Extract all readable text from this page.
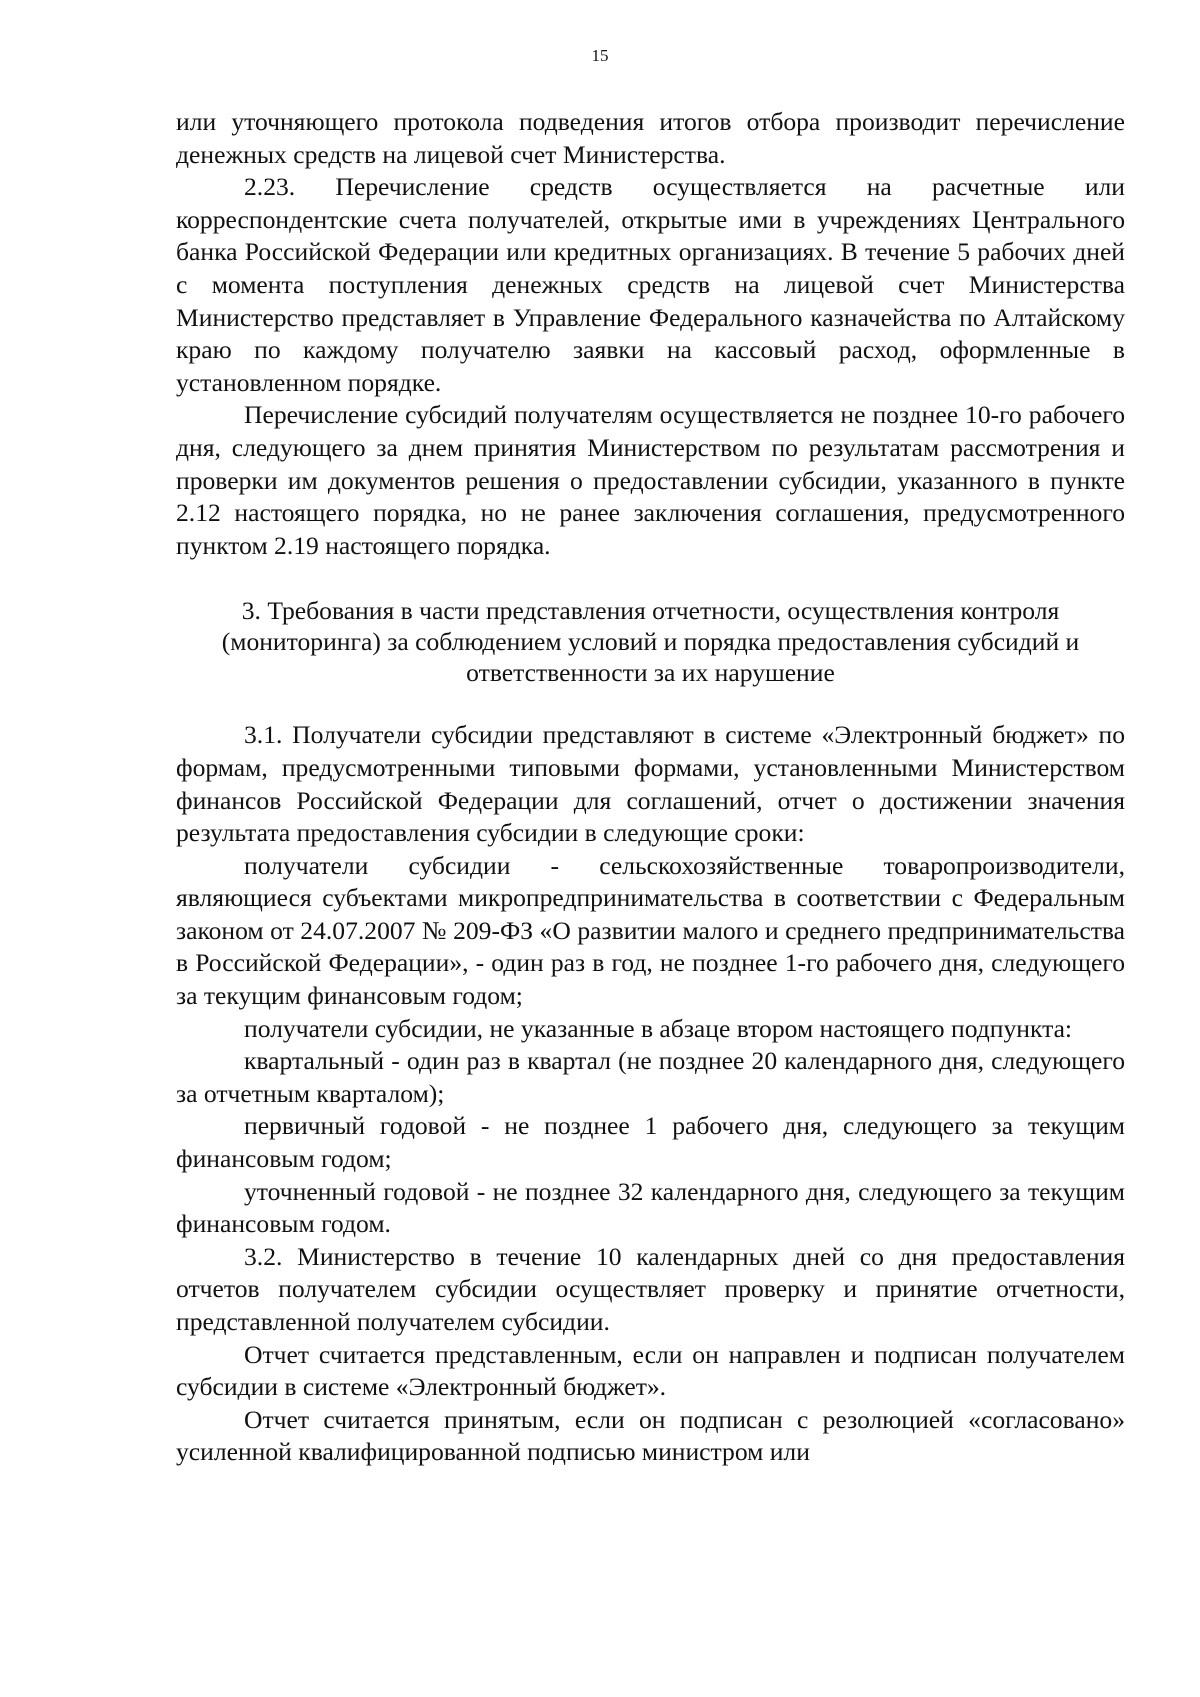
15

или уточняющего протокола подведения итогов отбора производит перечисление денежных средств на лицевой счет Министерства.

2.23. Перечисление средств осуществляется на расчетные или корреспондентские счета получателей, открытые ими в учреждениях Центрального банка Российской Федерации или кредитных организациях. В течение 5 рабочих дней с момента поступления денежных средств на лицевой счет Министерства Министерство представляет в Управление Федерального казначейства по Алтайскому краю по каждому получателю заявки на кассовый расход, оформленные в установленном порядке.

Перечисление субсидий получателям осуществляется не позднее 10-го рабочего дня, следующего за днем принятия Министерством по результатам рассмотрения и проверки им документов решения о предоставлении субсидии, указанного в пункте 2.12 настоящего порядка, но не ранее заключения соглашения, предусмотренного пунктом 2.19 настоящего порядка.

3. Требования в части представления отчетности, осуществления контроля (мониторинга) за соблюдением условий и порядка предоставления субсидий и ответственности за их нарушение

3.1. Получатели субсидии представляют в системе «Электронный бюджет» по формам, предусмотренными типовыми формами, установленными Министерством финансов Российской Федерации для соглашений, отчет о достижении значения результата предоставления субсидии в следующие сроки:

получатели субсидии - сельскохозяйственные товаропроизводители, являющиеся субъектами микропредпринимательства в соответствии с Федеральным законом от 24.07.2007 № 209-ФЗ «О развитии малого и среднего предпринимательства в Российской Федерации», - один раз в год, не позднее 1-го рабочего дня, следующего за текущим финансовым годом;

получатели субсидии, не указанные в абзаце втором настоящего подпункта:

квартальный - один раз в квартал (не позднее 20 календарного дня, следующего за отчетным кварталом);

первичный годовой - не позднее 1 рабочего дня, следующего за текущим финансовым годом;

уточненный годовой - не позднее 32 календарного дня, следующего за текущим финансовым годом.

3.2. Министерство в течение 10 календарных дней со дня предоставления отчетов получателем субсидии осуществляет проверку и принятие отчетности, представленной получателем субсидии.

Отчет считается представленным, если он направлен и подписан получателем субсидии в системе «Электронный бюджет».

Отчет считается принятым, если он подписан с резолюцией «согласовано» усиленной квалифицированной подписью министром или
